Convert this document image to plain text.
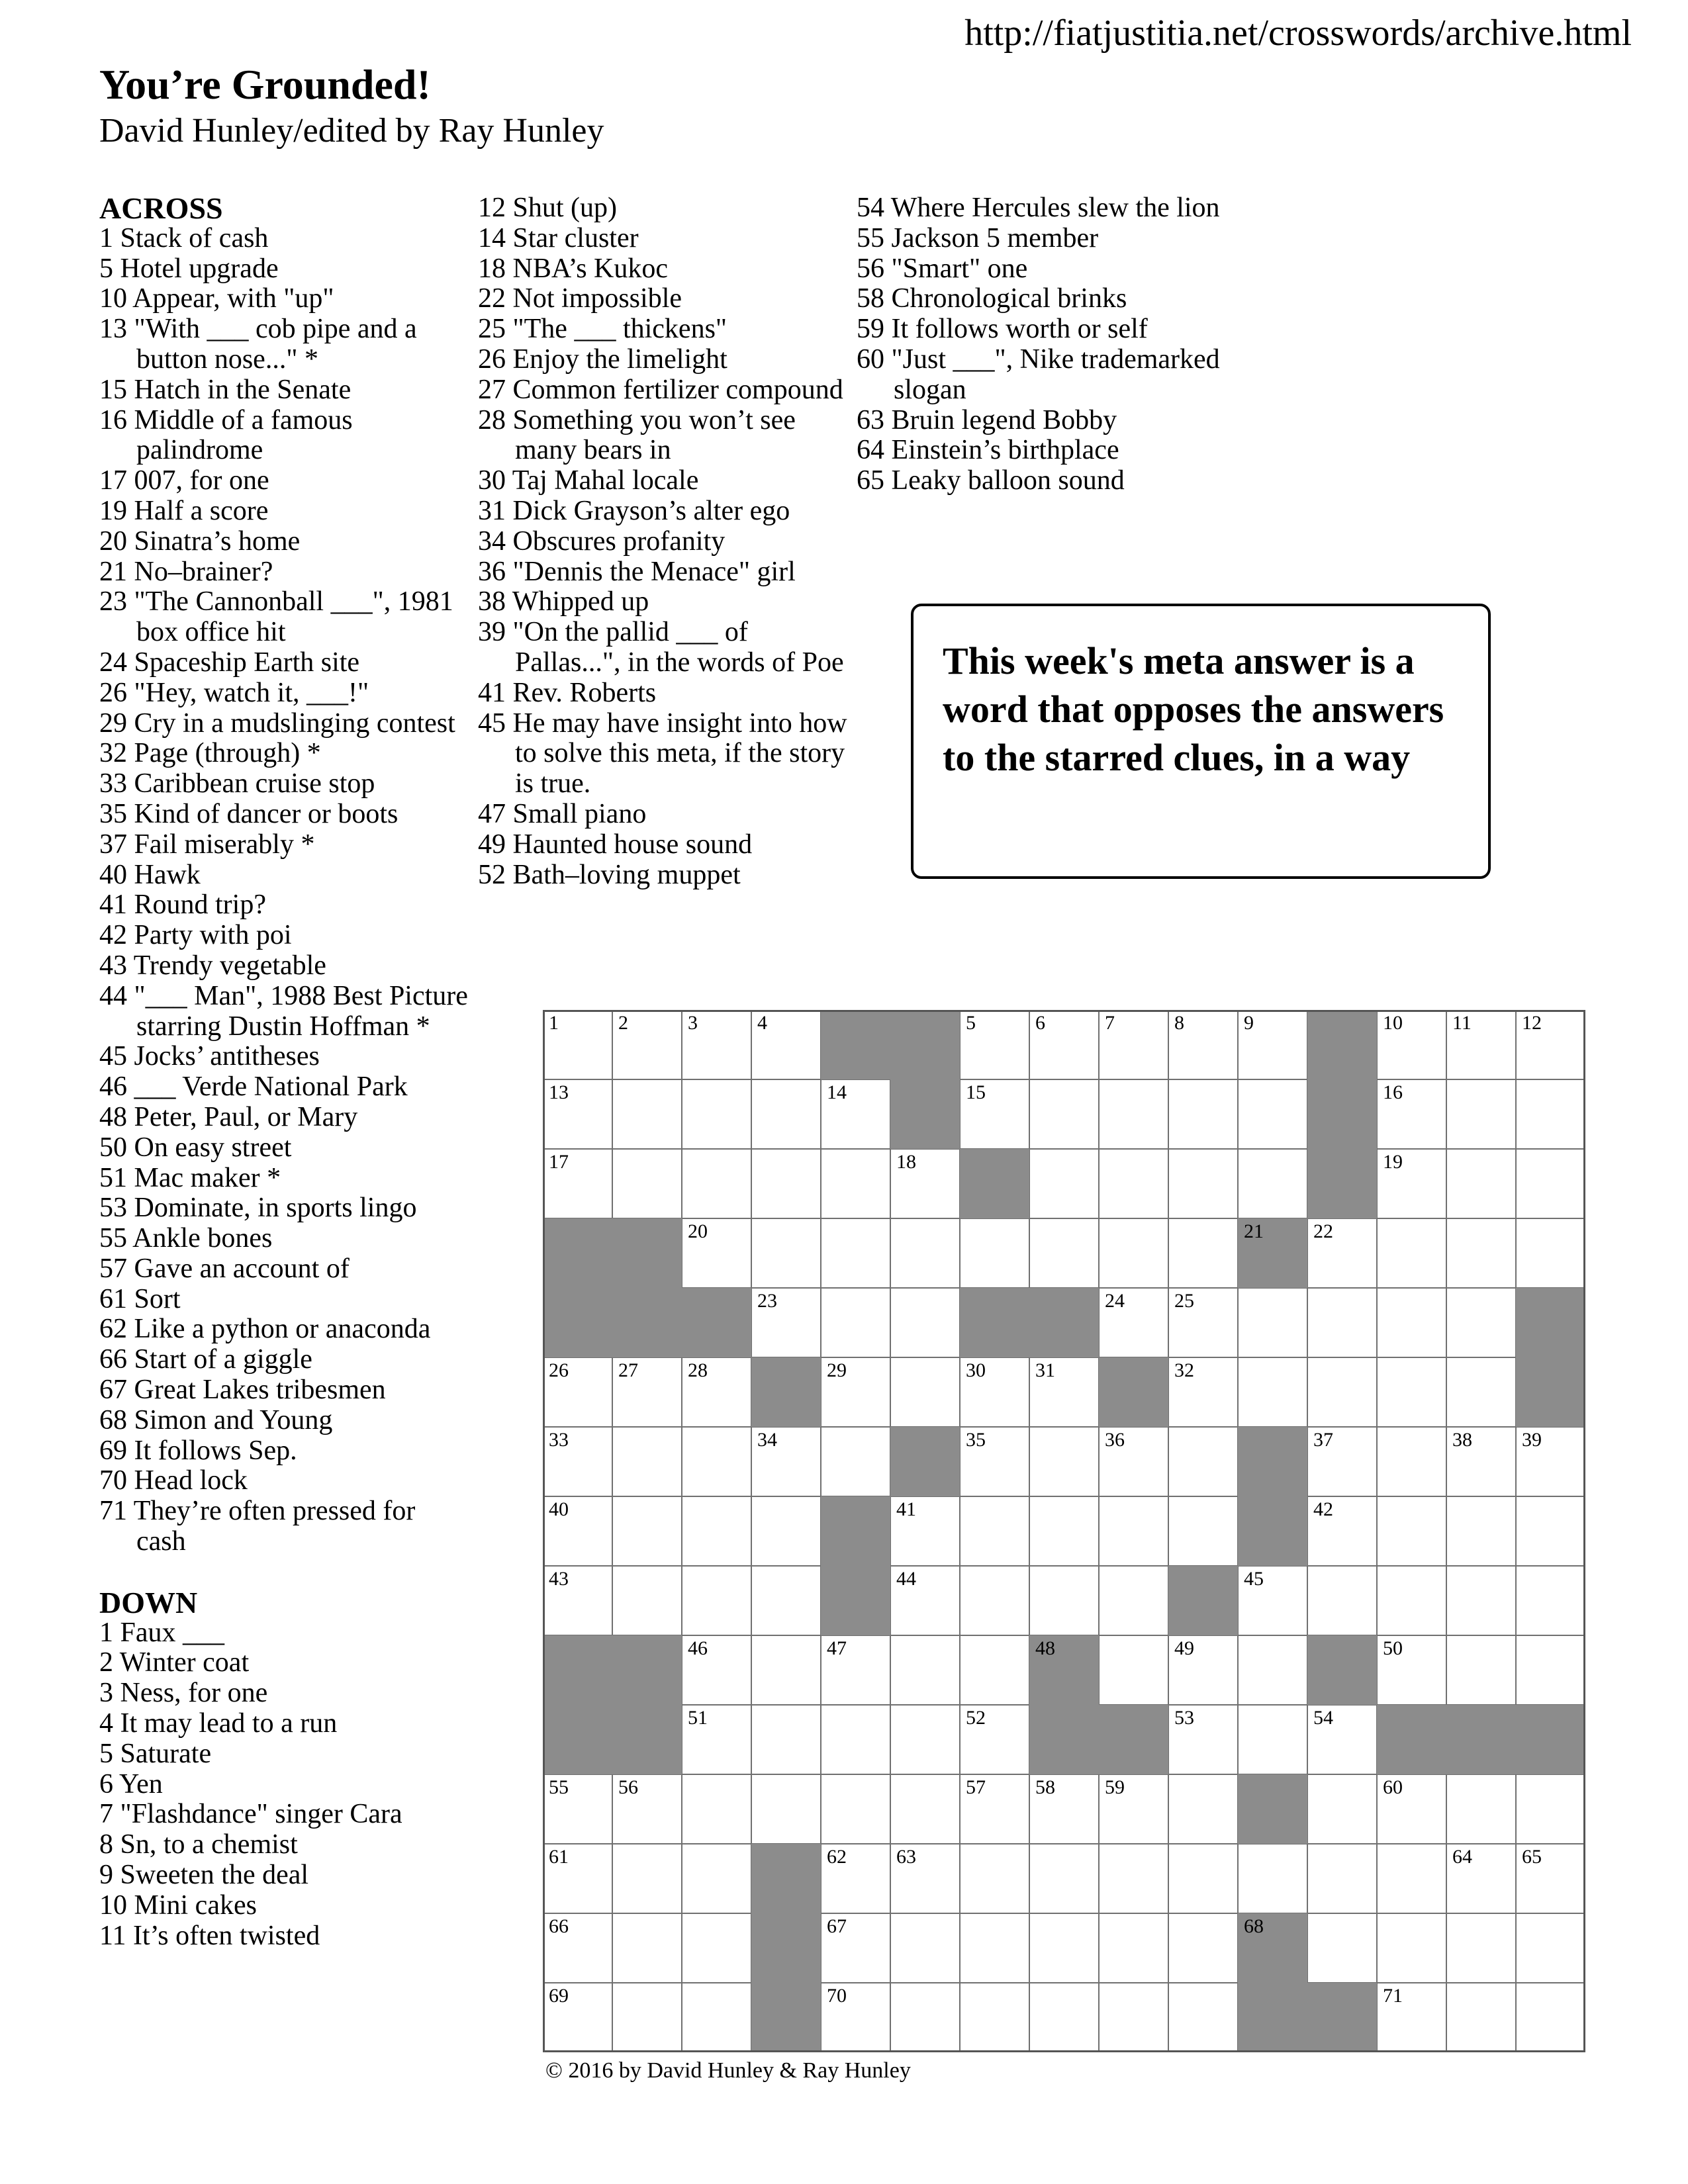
http://fiatjustitia.net/crosswords/archive.html
You’re Grounded!
David Hunley/edited by Ray Hunley
ACROSS
1 Stack of cash
5 Hotel upgrade
10 Appear, with "up"
13 "With ___ cob pipe and a button nose..." *
15 Hatch in the Senate
16 Middle of a famous palindrome
17 007, for one
19 Half a score
20 Sinatra’s home
21 No–brainer?
23 "The Cannonball ___", 1981 box office hit
24 Spaceship Earth site
26 "Hey, watch it, ___!"
29 Cry in a mudslinging contest
32 Page (through) *
33 Caribbean cruise stop
35 Kind of dancer or boots
37 Fail miserably *
40 Hawk
41 Round trip?
42 Party with poi
43 Trendy vegetable
44 "___ Man", 1988 Best Picture starring Dustin Hoffman *
45 Jocks’ antitheses
46 ___ Verde National Park
48 Peter, Paul, or Mary
50 On easy street
51 Mac maker *
53 Dominate, in sports lingo
55 Ankle bones
57 Gave an account of
61 Sort
62 Like a python or anaconda
66 Start of a giggle
67 Great Lakes tribesmen
68 Simon and Young
69 It follows Sep.
70 Head lock
71 They’re often pressed for cash
DOWN
1 Faux ___
2 Winter coat
3 Ness, for one
4 It may lead to a run
5 Saturate
6 Yen
7 "Flashdance" singer Cara
8 Sn, to a chemist
9 Sweeten the deal
10 Mini cakes
11 It’s often twisted
12 Shut (up)
14 Star cluster
18 NBA’s Kukoc
22 Not impossible
25 "The ___ thickens"
26 Enjoy the limelight
27 Common fertilizer compound
28 Something you won’t see many bears in
30 Taj Mahal locale
31 Dick Grayson’s alter ego
34 Obscures profanity
36 "Dennis the Menace" girl
38 Whipped up
39 "On the pallid ___ of Pallas...", in the words of Poe
41 Rev. Roberts
45 He may have insight into how to solve this meta, if the story is true.
47 Small piano
49 Haunted house sound
52 Bath–loving muppet
54 Where Hercules slew the lion
55 Jackson 5 member
56 "Smart" one
58 Chronological brinks
59 It follows worth or self
60 "Just ___", Nike trademarked slogan
63 Bruin legend Bobby
64 Einstein’s birthplace
65 Leaky balloon sound
This week's meta answer is a word that opposes the answers to the starred clues, in a way
1	2	3	4	5	6	7	8	9	10	11	12
13	14	15	16
17	18	19
20	21	22
23	24	25
26	27	28	29	30	31	32
33	34	35	36	37	38	39
40	41	42
43	44	45
46	47	48	49	50
51	52	53	54
55	56	57	58	59	60
61	62	63	64	65
66	67	68
69	70	71
© 2016 by David Hunley & Ray Hunley
